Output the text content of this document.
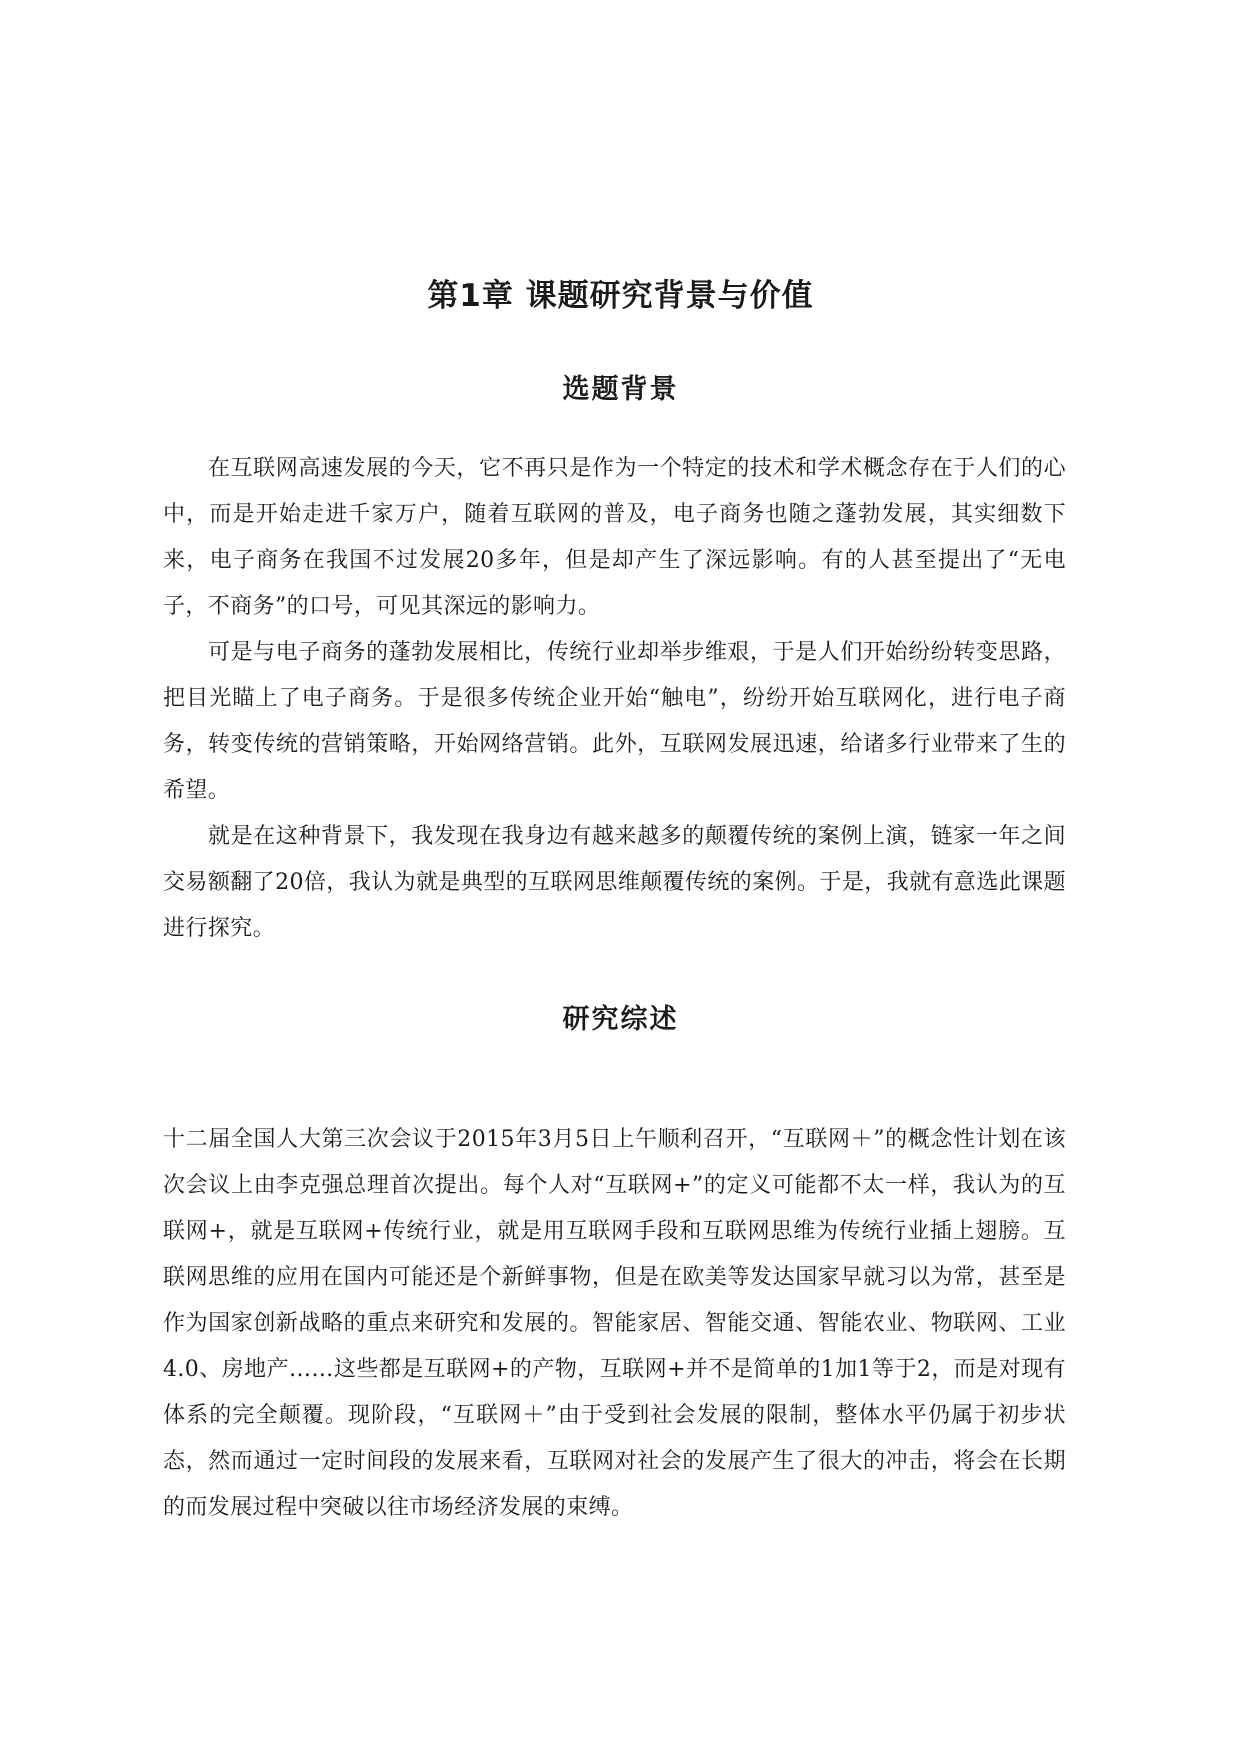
第1章 课题研究背景与价值
选题背景

在互联网高速发展的今天，它不再只是作为一个特定的技术和学术概念存在于人们的心中，而是开始走进千家万户，随着互联网的普及，电子商务也随之蓬勃发展，其实细数下来，电子商务在我国不过发展20多年，但是却产生了深远影响。有的人甚至提出了“无电子，不商务”的口号，可见其深远的影响力。

可是与电子商务的蓬勃发展相比，传统行业却举步维艰，于是人们开始纷纷转变思路，把目光瞄上了电子商务。于是很多传统企业开始“触电”，纷纷开始互联网化，进行电子商务，转变传统的营销策略，开始网络营销。此外，互联网发展迅速，给诸多行业带来了生的希望。

就是在这种背景下，我发现在我身边有越来越多的颠覆传统的案例上演，链家一年之间交易额翻了20倍，我认为就是典型的互联网思维颠覆传统的案例。于是，我就有意选此课题进行探究。

研究综述

十二届全国人大第三次会议于2015年3月5日上午顺利召开，“互联网＋”的概念性计划在该次会议上由李克强总理首次提出。每个人对“互联网+”的定义可能都不太一样，我认为的互联网+，就是互联网+传统行业，就是用互联网手段和互联网思维为传统行业插上翅膀。互联网思维的应用在国内可能还是个新鲜事物，但是在欧美等发达国家早就习以为常，甚至是作为国家创新战略的重点来研究和发展的。智能家居、智能交通、智能农业、物联网、工业4.0、房地产……这些都是互联网+的产物，互联网+并不是简单的1加1等于2，而是对现有体系的完全颠覆。现阶段，“互联网＋”由于受到社会发展的限制，整体水平仍属于初步状态，然而通过一定时间段的发展来看，互联网对社会的发展产生了很大的冲击，将会在长期的而发展过程中突破以往市场经济发展的束缚。
